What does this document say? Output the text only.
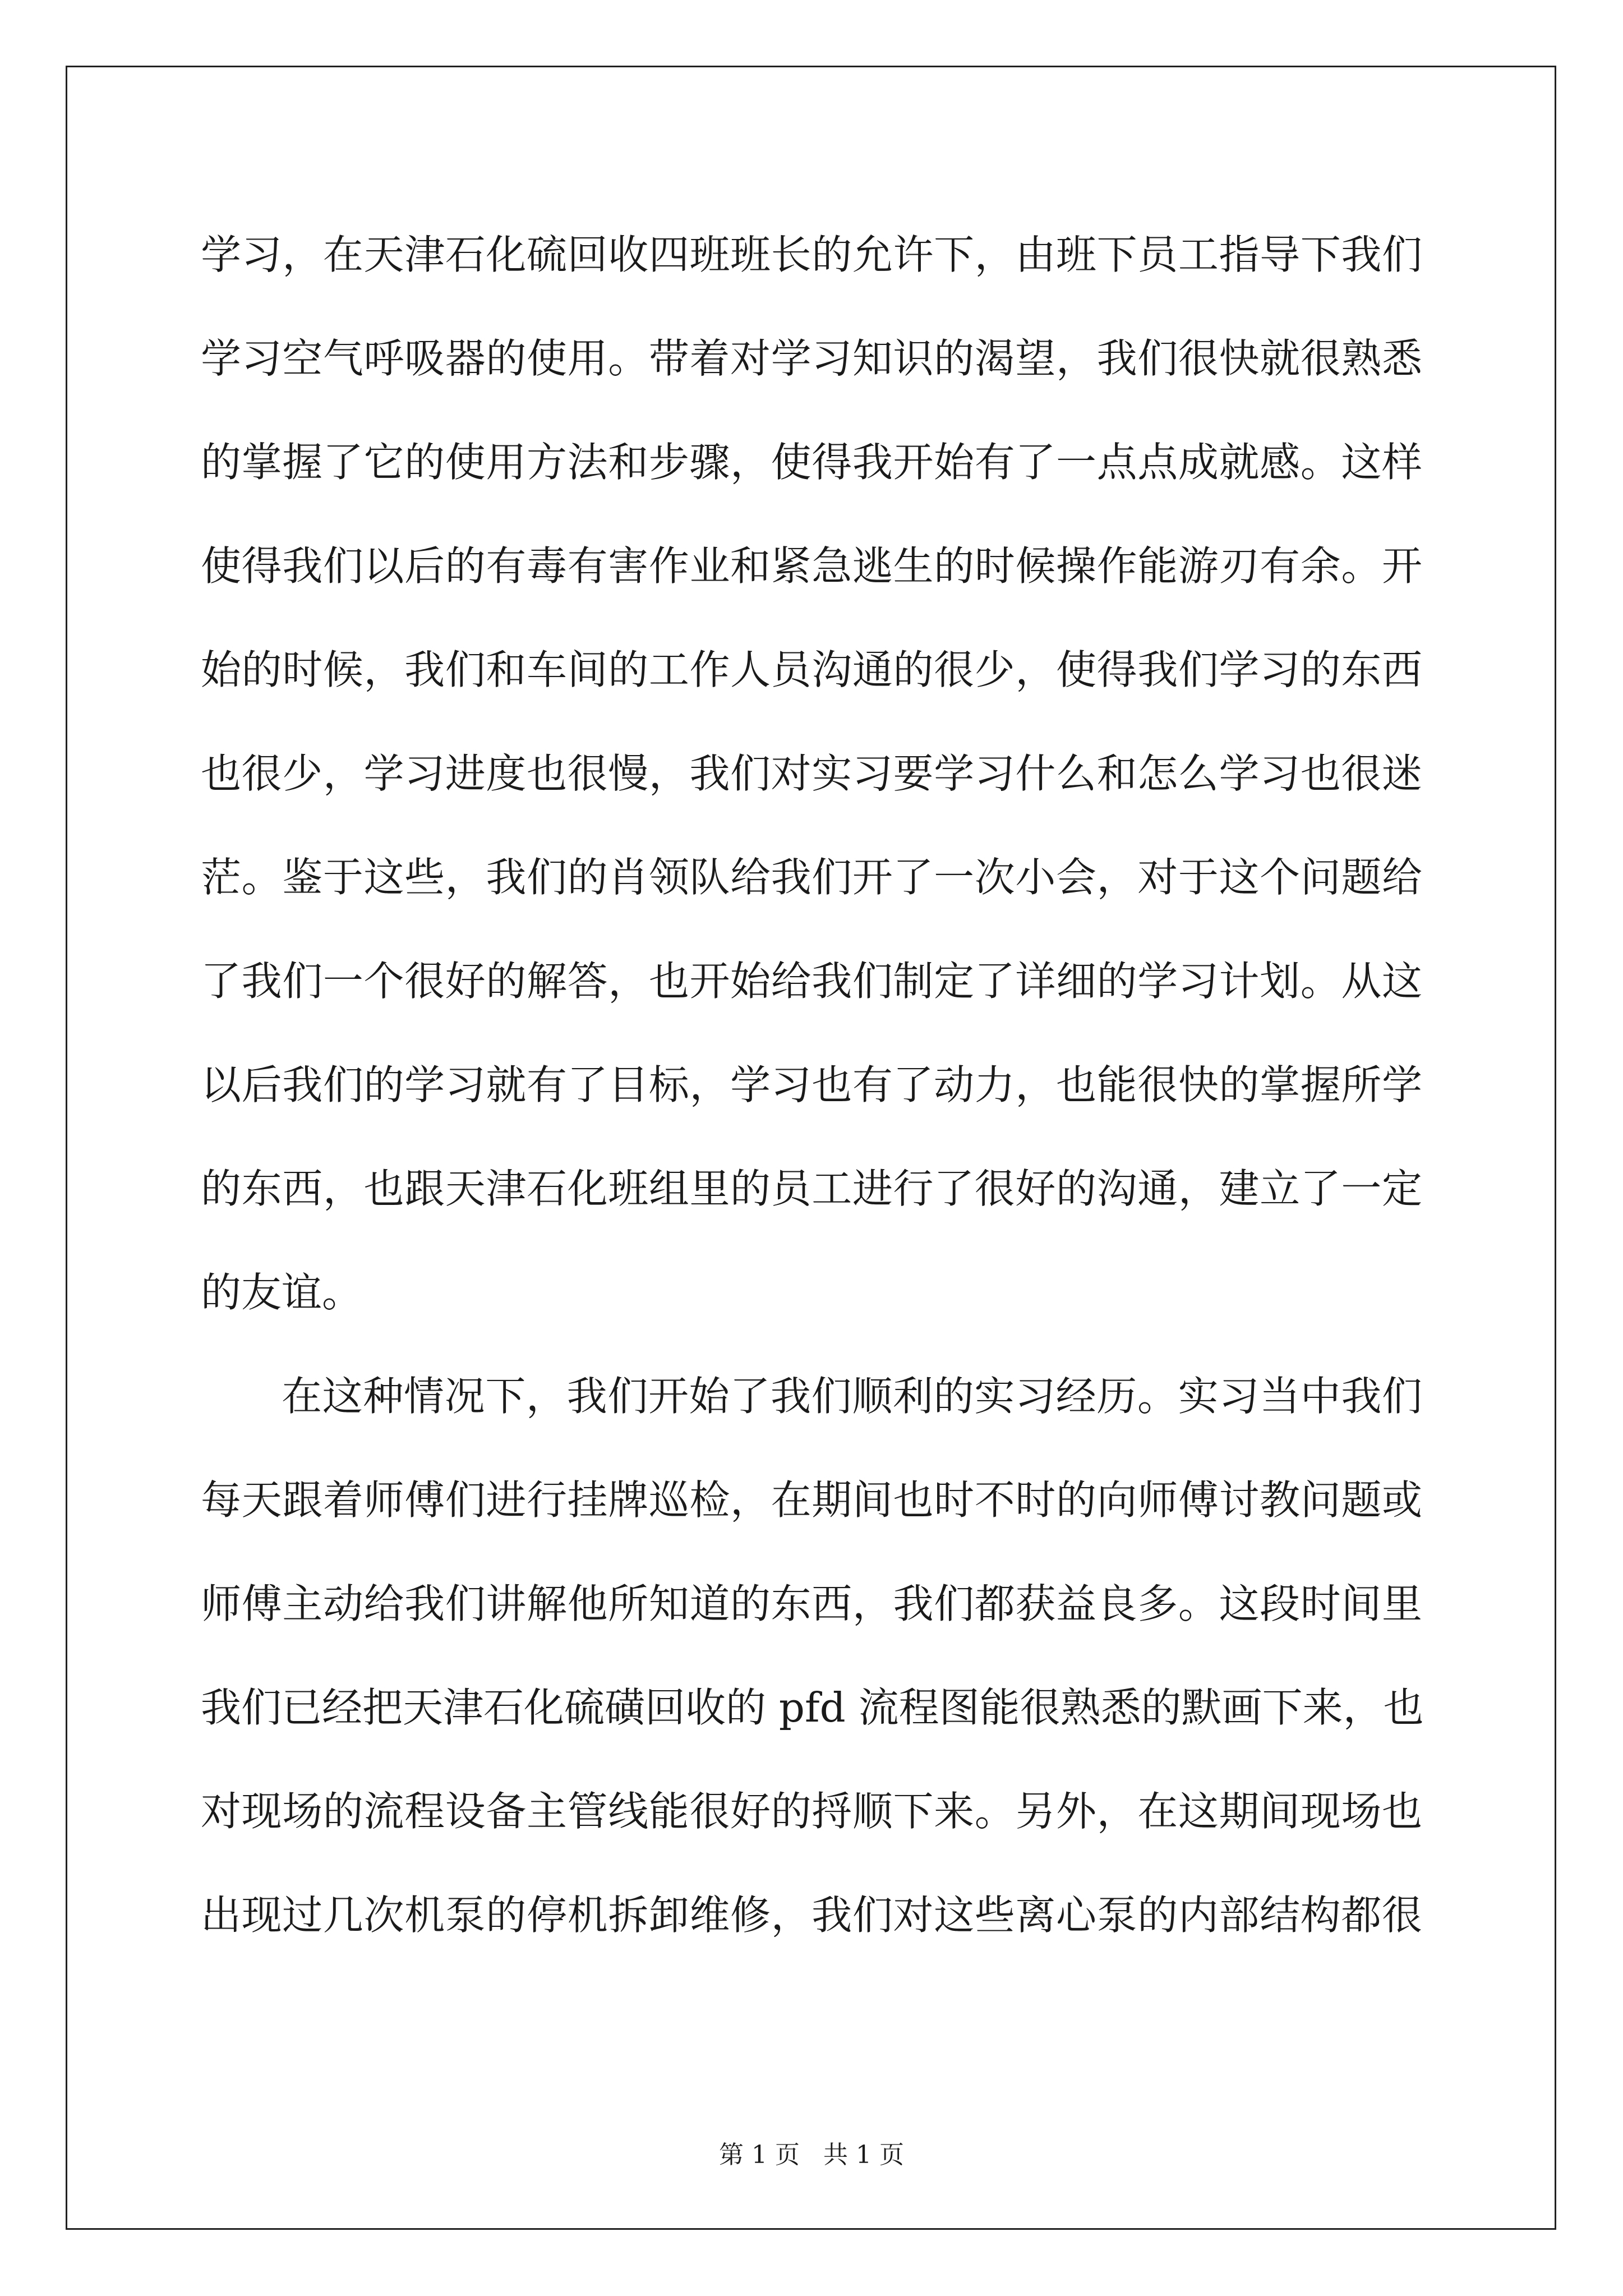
学习，在天津石化硫回收四班班长的允许下，由班下员工指导下我们
学习空气呼吸器的使用。带着对学习知识的渴望，我们很快就很熟悉
的掌握了它的使用方法和步骤，使得我开始有了一点点成就感。这样
使得我们以后的有毒有害作业和紧急逃生的时候操作能游刃有余。开
始的时候，我们和车间的工作人员沟通的很少，使得我们学习的东西
也很少，学习进度也很慢，我们对实习要学习什么和怎么学习也很迷
茫。鉴于这些，我们的肖领队给我们开了一次小会，对于这个问题给
了我们一个很好的解答，也开始给我们制定了详细的学习计划。从这
以后我们的学习就有了目标，学习也有了动力，也能很快的掌握所学
的东西，也跟天津石化班组里的员工进行了很好的沟通，建立了一定
的友谊。
在这种情况下，我们开始了我们顺利的实习经历。实习当中我们
每天跟着师傅们进行挂牌巡检，在期间也时不时的向师傅讨教问题或
师傅主动给我们讲解他所知道的东西，我们都获益良多。这段时间里
我们已经把天津石化硫磺回收的 pfd 流程图能很熟悉的默画下来，也
对现场的流程设备主管线能很好的捋顺下来。另外，在这期间现场也
出现过几次机泵的停机拆卸维修，我们对这些离心泵的内部结构都很
第 1 页   共 1 页
